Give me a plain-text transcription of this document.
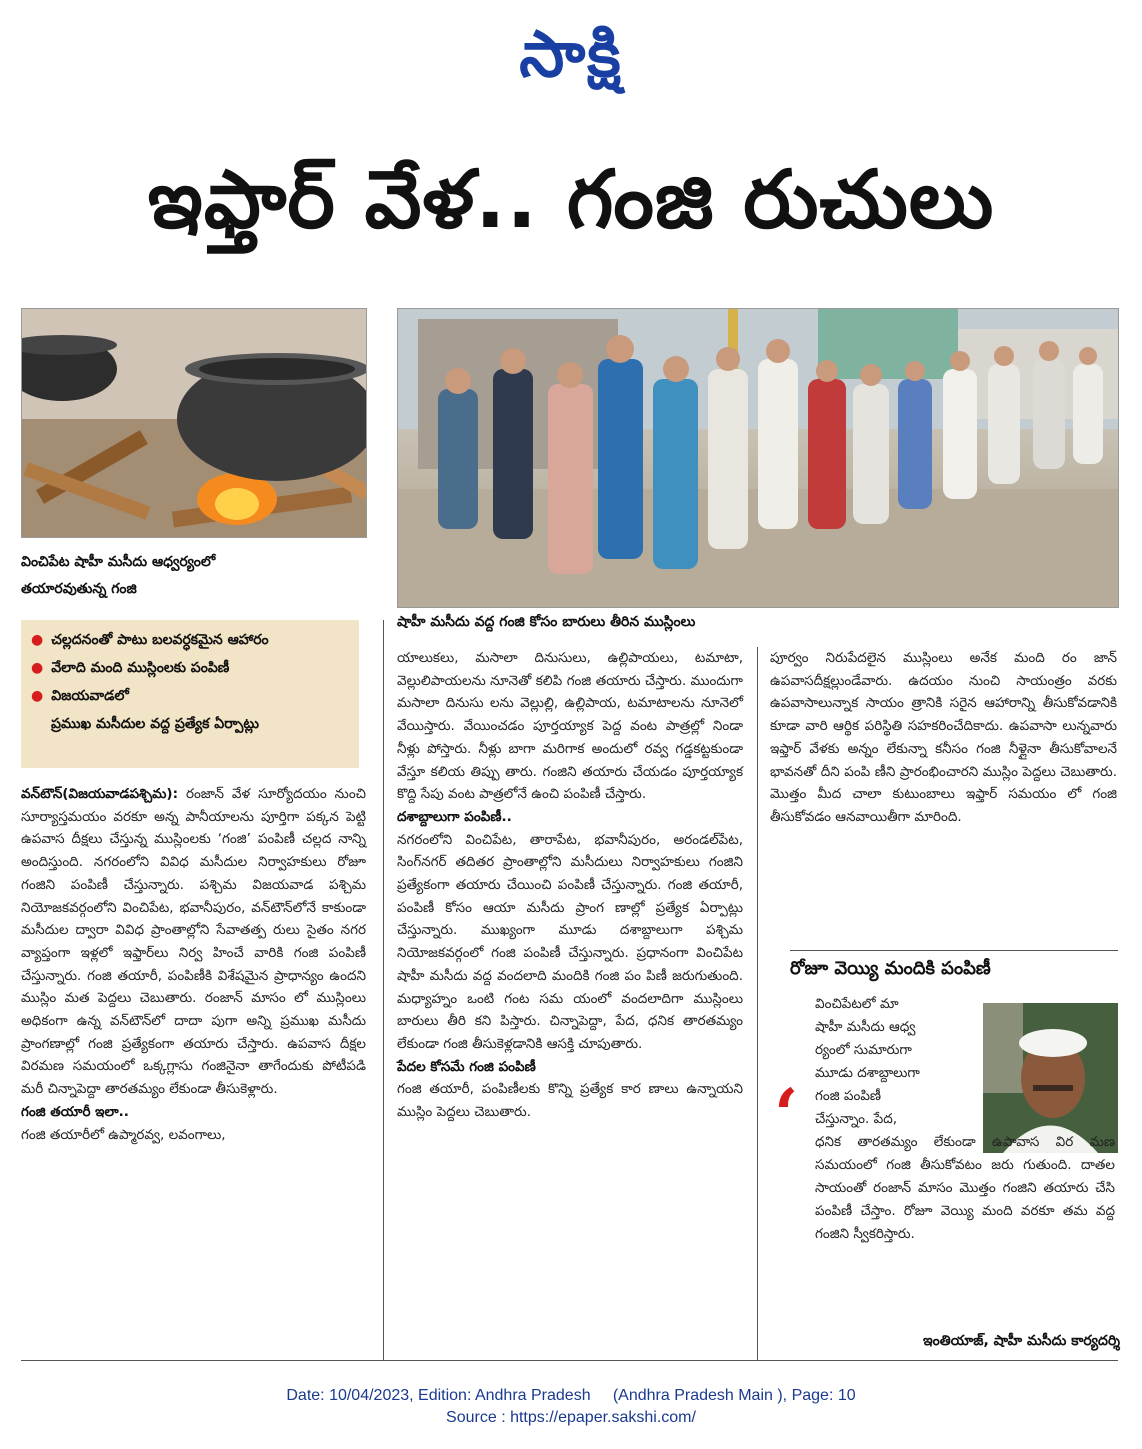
సాక్షి
ఇఫ్తార్‌ వేళ.. గంజి రుచులు
వించిపేట షాహీ మసీదు ఆధ్వర్యంలో
తయారవుతున్న గంజి
షాహీ మసీదు వద్ద గంజి కోసం బారులు తీరిన ముస్లింలు
● చల్లదనంతో పాటు బలవర్ధకమైన ఆహారం
● వేలాది మంది ముస్లింలకు పంపిణీ
● విజయవాడలో
ప్రముఖ మసీదుల వద్ద ప్రత్యేక ఏర్పాట్లు

వన్‌టౌన్‌(విజయవాడపశ్చిమ): రంజాన్‌ వేళ సూర్యోదయం నుంచి సూర్యాస్తమయం వరకూ అన్న పానీయాలను పూర్తిగా పక్కన పెట్టి ఉపవాస దీక్షలు చేస్తున్న ముస్లింలకు ‘గంజి’ పంపిణీ చల్లద నాన్ని అందిస్తుంది. నగరంలోని వివిధ మసీదుల నిర్వాహకులు రోజూ గంజిని పంపిణీ చేస్తున్నారు. పశ్చిమ విజయవాడ పశ్చిమ నియోజకవర్గంలోని వించిపేట, భవానీపురం, వన్‌టౌన్‌లోనే కాకుండా మసీదుల ద్వారా వివిధ ప్రాంతాల్లోని సేవాతత్ప రులు సైతం నగర వ్యాప్తంగా ఇళ్లలో ఇఫ్తార్‌లు నిర్వ హించే వారికి గంజి పంపిణీ చేస్తున్నారు. గంజి తయారీ, పంపిణీకి విశేషమైన ప్రాధాన్యం ఉందని ముస్లిం మత పెద్దలు చెబుతారు. రంజాన్‌ మాసం లో ముస్లింలు అధికంగా ఉన్న వన్‌టౌన్‌లో దాదా పుగా అన్ని ప్రముఖ మసీదు ప్రాంగణాల్లో గంజి ప్రత్యేకంగా తయారు చేస్తారు. ఉపవాస దీక్షల విరమణ సమయంలో ఒక్కగ్లాసు గంజినైనా తాగేందుకు పోటీపడి మరీ చిన్నాపెద్దా తారతమ్యం లేకుండా తీసుకెళ్లారు.

గంజి తయారీ ఇలా..

గంజి తయారీలో ఉప్మారవ్వ, లవంగాలు,

యాలుకలు, మసాలా దినుసులు, ఉల్లిపాయలు, టమాటా, వెల్లులిపాయలను నూనెతో కలిపి గంజి తయారు చేస్తారు. ముందుగా మసాలా దినుసు లను వెల్లుల్లి, ఉల్లిపాయ, టమాటాలను నూనెలో వేయిస్తారు. వేయించడం పూర్తయ్యాక పెద్ద వంట పాత్రల్లో నిండా నీళ్లు పోస్తారు. నీళ్లు బాగా మరిగాక అందులో రవ్వ గడ్డకట్టకుండా వేస్తూ కలియ తిప్పు తారు. గంజిని తయారు చేయడం పూర్తయ్యాక కొద్ది సేపు వంట పాత్రలోనే ఉంచి పంపిణీ చేస్తారు.

దశాబ్దాలుగా పంపిణీ..

నగరంలోని వించిపేట, తారాపేట, భవానీపురం, అరండల్‌పేట, సింగ్‌నగర్‌ తదితర ప్రాంతాల్లోని మసీదులు నిర్వాహకులు గంజిని ప్రత్యేకంగా తయారు చేయించి పంపిణీ చేస్తున్నారు. గంజి తయారీ, పంపిణీ కోసం ఆయా మసీదు ప్రాంగ ణాల్లో ప్రత్యేక ఏర్పాట్లు చేస్తున్నారు. ముఖ్యంగా మూడు దశాబ్దాలుగా పశ్చిమ నియోజకవర్గంలో గంజి పంపిణీ చేస్తున్నారు. ప్రధానంగా వించిపేట షాహీ మసీదు వద్ద వందలాది మందికి గంజి పం పిణీ జరుగుతుంది. మధ్యాహ్నం ఒంటి గంట సమ యంలో వందలాదిగా ముస్లింలు బారులు తీరి కని పిస్తారు. చిన్నాపెద్దా, పేద, ధనిక తారతమ్యం లేకుండా గంజి తీసుకెళ్లడానికి ఆసక్తి చూపుతారు.

పేదల కోసమే గంజి పంపిణీ

గంజి తయారీ, పంపిణీలకు కొన్ని ప్రత్యేక కార ణాలు ఉన్నాయని ముస్లిం పెద్దలు చెబుతారు.

పూర్వం నిరుపేదలైన ముస్లింలు అనేక మంది రం జాన్‌ ఉపవాసదీక్షల్లుండేవారు. ఉదయం నుంచి సాయంత్రం వరకు ఉపవాసాలున్నాక సాయం త్రానికి సరైన ఆహారాన్ని తీసుకోవడానికి కూడా వారి ఆర్థిక పరిస్థితి సహకరించేదికాదు. ఉపవాసా లున్నవారు ఇఫ్తార్‌ వేళకు అన్నం లేకున్నా కనీసం గంజి నీళ్లైనా తీసుకోవాలనే భావనతో దీని పంపి ణీని ప్రారంభించారని ముస్లిం పెద్దలు చెబుతారు. మొత్తం మీద చాలా కుటుంబాలు ఇఫ్తార్‌ సమయం లో గంజి తీసుకోవడం ఆనవాయితీగా మారింది.

రోజూ వెయ్యి మందికి పంపిణీ
‘

వించిపేటలో మా

షాహీ మసీదు ఆధ్వ

ర్యంలో సుమారుగా

మూడు దశాబ్దాలుగా

గంజి పంపిణీ

చేస్తున్నాం. పేద,

ధనిక తారతమ్యం లేకుండా ఉపావాస విర మణ సమయంలో గంజి తీసుకోవటం జరు గుతుంది. దాతల సాయంతో రంజాన్‌ మాసం మొత్తం గంజిని తయారు చేసి పంపిణీ చేస్తాం. రోజూ వెయ్యి మంది వరకూ తమ వద్ద గంజిని స్వీకరిస్తారు.

ఇంతియాజ్‌, షాహీ మసీదు కార్యదర్శి
Date: 10/04/2023, Edition: Andhra Pradesh     (Andhra Pradesh Main ), Page: 10
Source : https://epaper.sakshi.com/
